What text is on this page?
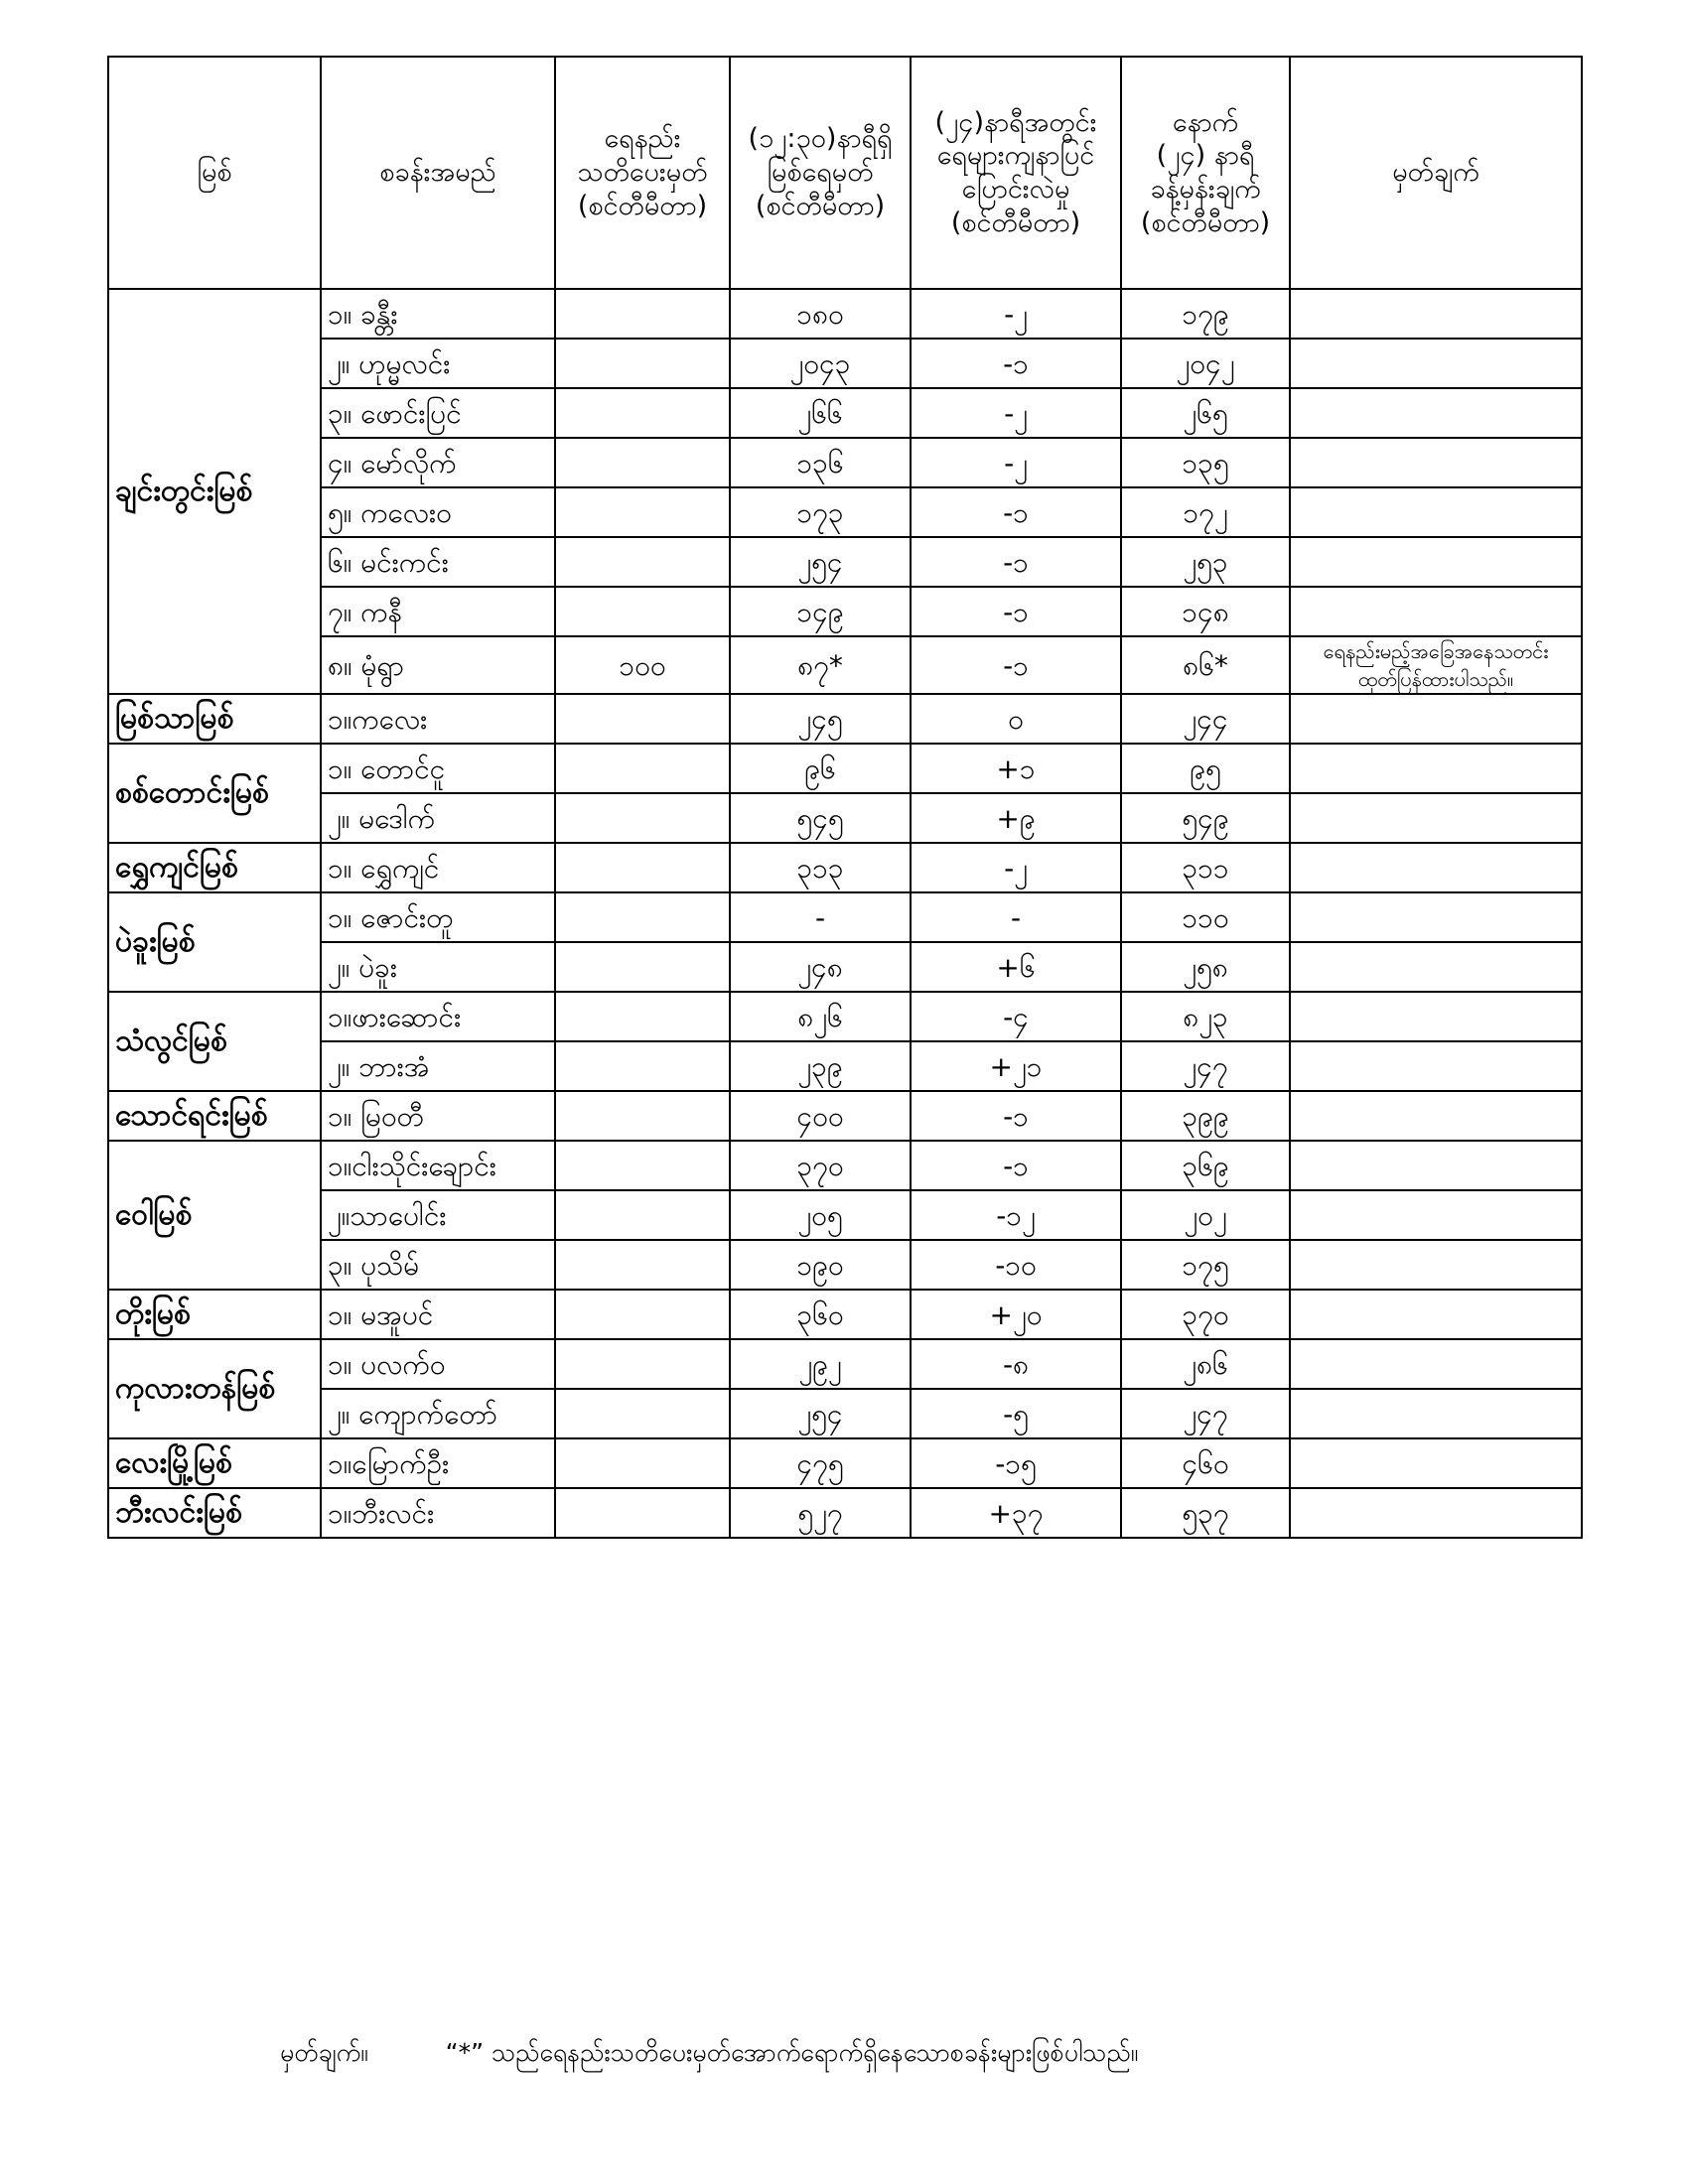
မြစ်	စခန်းအမည်	ရေနည်း
သတိပေးမှတ်
(စင်တီမီတာ)	(၁၂:၃၀)နာရီရှိ
မြစ်ရေမှတ်
(စင်တီမီတာ)	(၂၄)နာရီအတွင်း
ရေများကျနာပြင်
ပြောင်းလဲမှု
(စင်တီမီတာ)	နောက်
(၂၄) နာရီ
ခန့်မှန်းချက်
(စင်တီမီတာ)	မှတ်ချက်

ချင်းတွင်းမြစ်	၁။ ခန္တီး		၁၈၀	-၂	၁၇၉	
	၂။ ဟုမ္မလင်း		၂၀၄၃	-၁	၂၀၄၂	
	၃။ ဖောင်းပြင်		၂၆၆	-၂	၂၆၅	
	၄။ မော်လိုက်		၁၃၆	-၂	၁၃၅	
	၅။ ကလေးဝ		၁၇၃	-၁	၁၇၂	
	၆။ မင်းကင်း		၂၅၄	-၁	၂၅၃	
	၇။ ကနီ		၁၄၉	-၁	၁၄၈	
	၈။ မုံရွာ	၁၀၀	၈၇*	-၁	၈၆*	ရေနည်းမည့်အခြေအနေသတင်း
ထုတ်ပြန်ထားပါသည်။

မြစ်သာမြစ်	၁။ကလေး		၂၄၅	၀	၂၄၄	
စစ်တောင်းမြစ်	၁။ တောင်ငူ		၉၆	+၁	၉၅	
	၂။ မဒေါက်		၅၄၅	+၉	၅၄၉	
ရွှေကျင်မြစ်	၁။ ရွှေကျင်		၃၁၃	-၂	၃၁၁	
ပဲခူးမြစ်	၁။ ဇောင်းတူ		-	-	၁၁၀	
	၂။ ပဲခူး		၂၄၈	+၆	၂၅၈	
သံလွင်မြစ်	၁။ဖားဆောင်း		၈၂၆	-၄	၈၂၃	
	၂။ ဘားအံ		၂၃၉	+၂၁	၂၄၇	
သောင်ရင်းမြစ်	၁။ မြဝတီ		၄၀၀	-၁	၃၉၉	
ဝေါမြစ်	၁။ငါးသိုင်းချောင်း		၃၇၀	-၁	၃၆၉	
	၂။သာပေါင်း		၂၀၅	-၁၂	၂၀၂	
	၃။ ပုသိမ်		၁၉၀	-၁၀	၁၇၅	
တိုးမြစ်	၁။ မအူပင်		၃၆၀	+၂၀	၃၇၀	
ကုလားတန်မြစ်	၁။ ပလက်ဝ		၂၉၂	-၈	၂၈၆	
	၂။ ကျောက်တော်		၂၅၄	-၅	၂၄၇	
လေးမြို့မြစ်	၁။မြောက်ဦး		၄၇၅	-၁၅	၄၆၀	
ဘီးလင်းမြစ်	၁။ဘီးလင်း		၅၂၇	+၃၇	၅၃၇	
မှတ်ချက်။	“*” သည်ရေနည်းသတိပေးမှတ်အောက်ရောက်ရှိနေသောစခန်းများဖြစ်ပါသည်။
